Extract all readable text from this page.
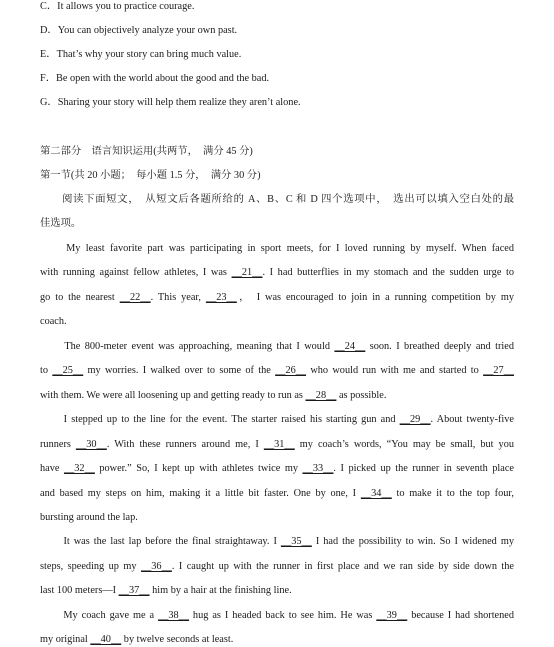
C．It allows you to practice courage.
D．You can objectively analyze your own past.
E．That’s why your story can bring much value.
F．Be open with the world about the good and the bad.
G．Sharing your story will help them realize they aren’t alone.
第二部分　语言知识运用(共两节，　满分 45 分)
第一节(共 20 小题；　每小题 1.5 分，　满分 30 分)
　　阅读下面短文，　从短文后各题所给的 A、B、C 和 D 四个选项中，　选出可以填入空白处的最
佳选项。
　　My least favorite part was participating in sport meets, for I loved running by myself. When faced
with running against fellow athletes, I was __21__. I had butterflies in my stomach and the sudden urge to
go to the nearest __22__. This year, __23__， I was encouraged to join in a running competition by my
coach.
　　The 800-meter event was approaching, meaning that I would __24__ soon. I breathed deeply and tried
to __25__ my worries. I walked over to some of the __26__ who would run with me and started to __27__
with them. We were all loosening up and getting ready to run as __28__ as possible.
　　I stepped up to the line for the event. The starter raised his starting gun and __29__. About twenty-five
runners __30__. With these runners around me, I __31__ my coach’s words, “You may be small, but you
have __32__ power.” So, I kept up with athletes twice my __33__. I picked up the runner in seventh place
and based my steps on him, making it a little bit faster. One by one, I __34__ to make it to the top four,
bursting around the lap.
　　It was the last lap before the final straightaway. I __35__ I had the possibility to win. So I widened my
steps, speeding up my __36__. I caught up with the runner in first place and we ran side by side down the
last 100 meters—I __37__ him by a hair at the finishing line.
　　My coach gave me a __38__ hug as I headed back to see him. He was __39__ because I had shortened
my original __40__ by twelve seconds at least.
